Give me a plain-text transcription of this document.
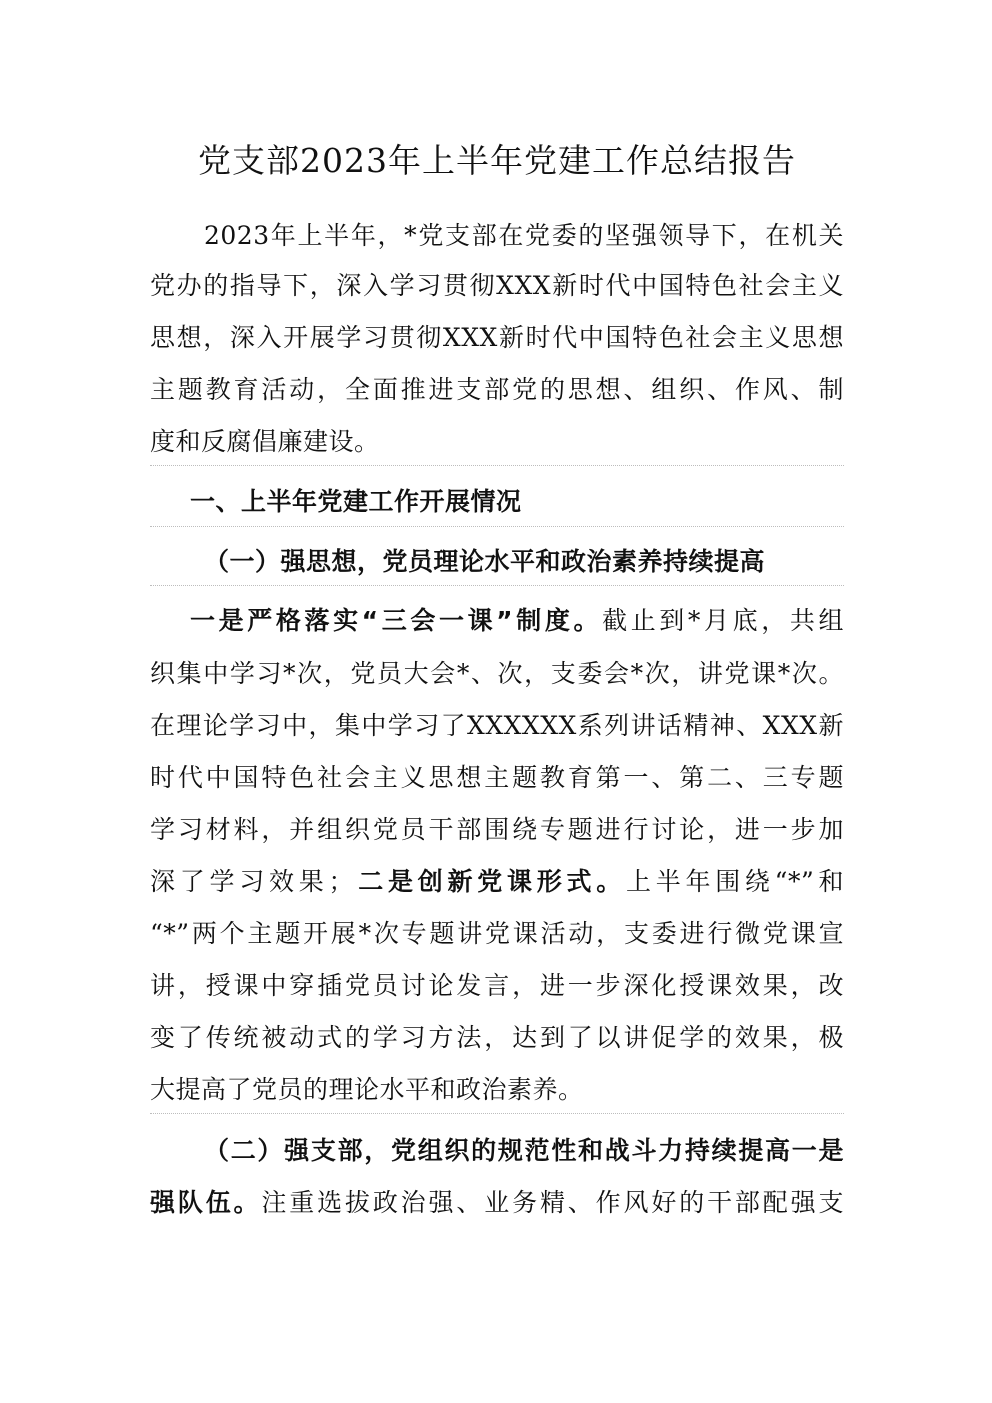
党支部2023年上半年党建工作总结报告
2023年上半年，*党支部在党委的坚强领导下，在机关
党办的指导下，深入学习贯彻XXX新时代中国特色社会主义
思想，深入开展学习贯彻XXX新时代中国特色社会主义思想
主题教育活动，全面推进支部党的思想、组织、作风、制
度和反腐倡廉建设。
一、上半年党建工作开展情况
（一）强思想，党员理论水平和政治素养持续提高
一是严格落实“三会一课”制度。截止到*月底，共组
织集中学习*次，党员大会*、次，支委会*次，讲党课*次。
在理论学习中，集中学习了XXXXXX系列讲话精神、XXX新
时代中国特色社会主义思想主题教育第一、第二、三专题
学习材料，并组织党员干部围绕专题进行讨论，进一步加
深了学习效果；二是创新党课形式。上半年围绕“*”和
“*”两个主题开展*次专题讲党课活动，支委进行微党课宣
讲，授课中穿插党员讨论发言，进一步深化授课效果，改
变了传统被动式的学习方法，达到了以讲促学的效果，极
大提高了党员的理论水平和政治素养。
（二）强支部，党组织的规范性和战斗力持续提高一是
强队伍。注重选拔政治强、业务精、作风好的干部配强支
